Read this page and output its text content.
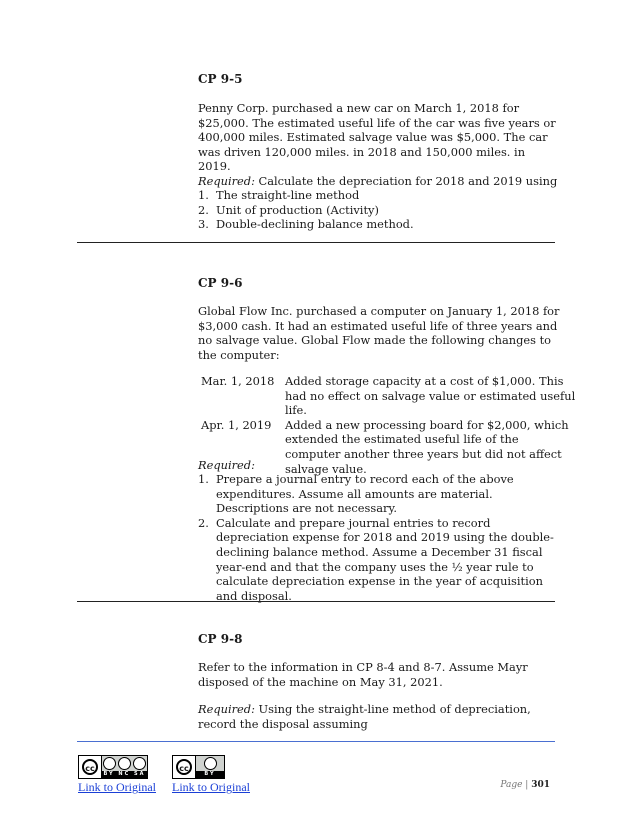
CP 9-5
Penny Corp. purchased a new car on March 1, 2018 for $25,000. The estimated useful life of the car was five years or 400,000 miles. Estimated salvage value was $5,000. The car was driven 120,000 miles. in 2018 and 150,000 miles. in 2019.
Required: Calculate the depreciation for 2018 and 2019 using
1. The straight-line method
2. Unit of production (Activity)
3. Double-declining balance method.
CP 9-6
Global Flow Inc. purchased a computer on January 1, 2018 for $3,000 cash. It had an estimated useful life of three years and no salvage value. Global Flow made the following changes to the computer:
Mar. 1, 2018 Added storage capacity at a cost of $1,000. This had no effect on salvage value or estimated useful life.
Apr. 1, 2019 Added a new processing board for $2,000, which extended the estimated useful life of the computer another three years but did not affect salvage value.
Required:
1. Prepare a journal entry to record each of the above expenditures. Assume all amounts are material. Descriptions are not necessary.
2. Calculate and prepare journal entries to record depreciation expense for 2018 and 2019 using the double-declining balance method. Assume a December 31 fiscal year-end and that the company uses the ½ year rule to calculate depreciation expense in the year of acquisition and disposal.
CP 9-8
Refer to the information in CP 8-4 and 8-7. Assume Mayr disposed of the machine on May 31, 2021.
Required: Using the straight-line method of depreciation, record the disposal assuming
cc
BY NC SA
cc
BY
Link to Original Link to Original	Page | 301
